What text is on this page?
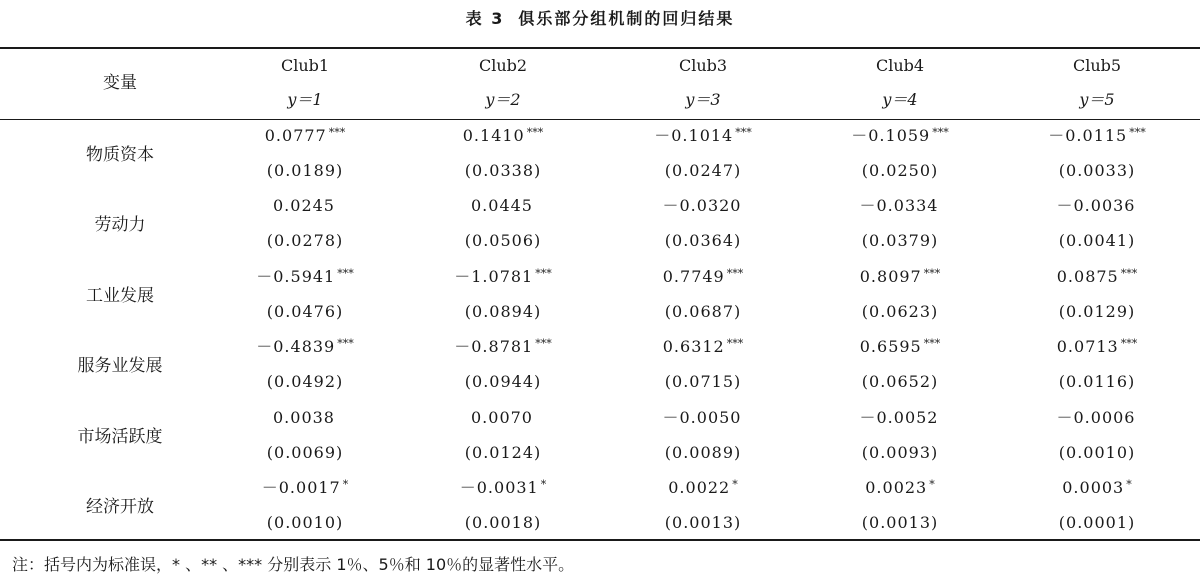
表 3 俱乐部分组机制的回归结果
变量
Club1
y＝1
Club2
y＝2
Club3
y＝3
Club4
y＝4
Club5
y＝5
物质资本
0.0777 ***
(0.0189)
0.1410 ***
(0.0338)
－0.1014 ***
(0.0247)
－0.1059 ***
(0.0250)
－0.0115 ***
(0.0033)
劳动力
0.0245
(0.0278)
0.0445
(0.0506)
－0.0320
(0.0364)
－0.0334
(0.0379)
－0.0036
(0.0041)
工业发展
－0.5941 ***
(0.0476)
－1.0781 ***
(0.0894)
0.7749 ***
(0.0687)
0.8097 ***
(0.0623)
0.0875 ***
(0.0129)
服务业发展
－0.4839 ***
(0.0492)
－0.8781 ***
(0.0944)
0.6312 ***
(0.0715)
0.6595 ***
(0.0652)
0.0713 ***
(0.0116)
市场活跃度
0.0038
(0.0069)
0.0070
(0.0124)
－0.0050
(0.0089)
－0.0052
(0.0093)
－0.0006
(0.0010)
经济开放
－0.0017 *
(0.0010)
－0.0031 *
(0.0018)
0.0022 *
(0.0013)
0.0023 *
(0.0013)
0.0003 *
(0.0001)
注：括号内为标准误，* 、** 、*** 分别表示 1％、5％和 10％的显著性水平。
